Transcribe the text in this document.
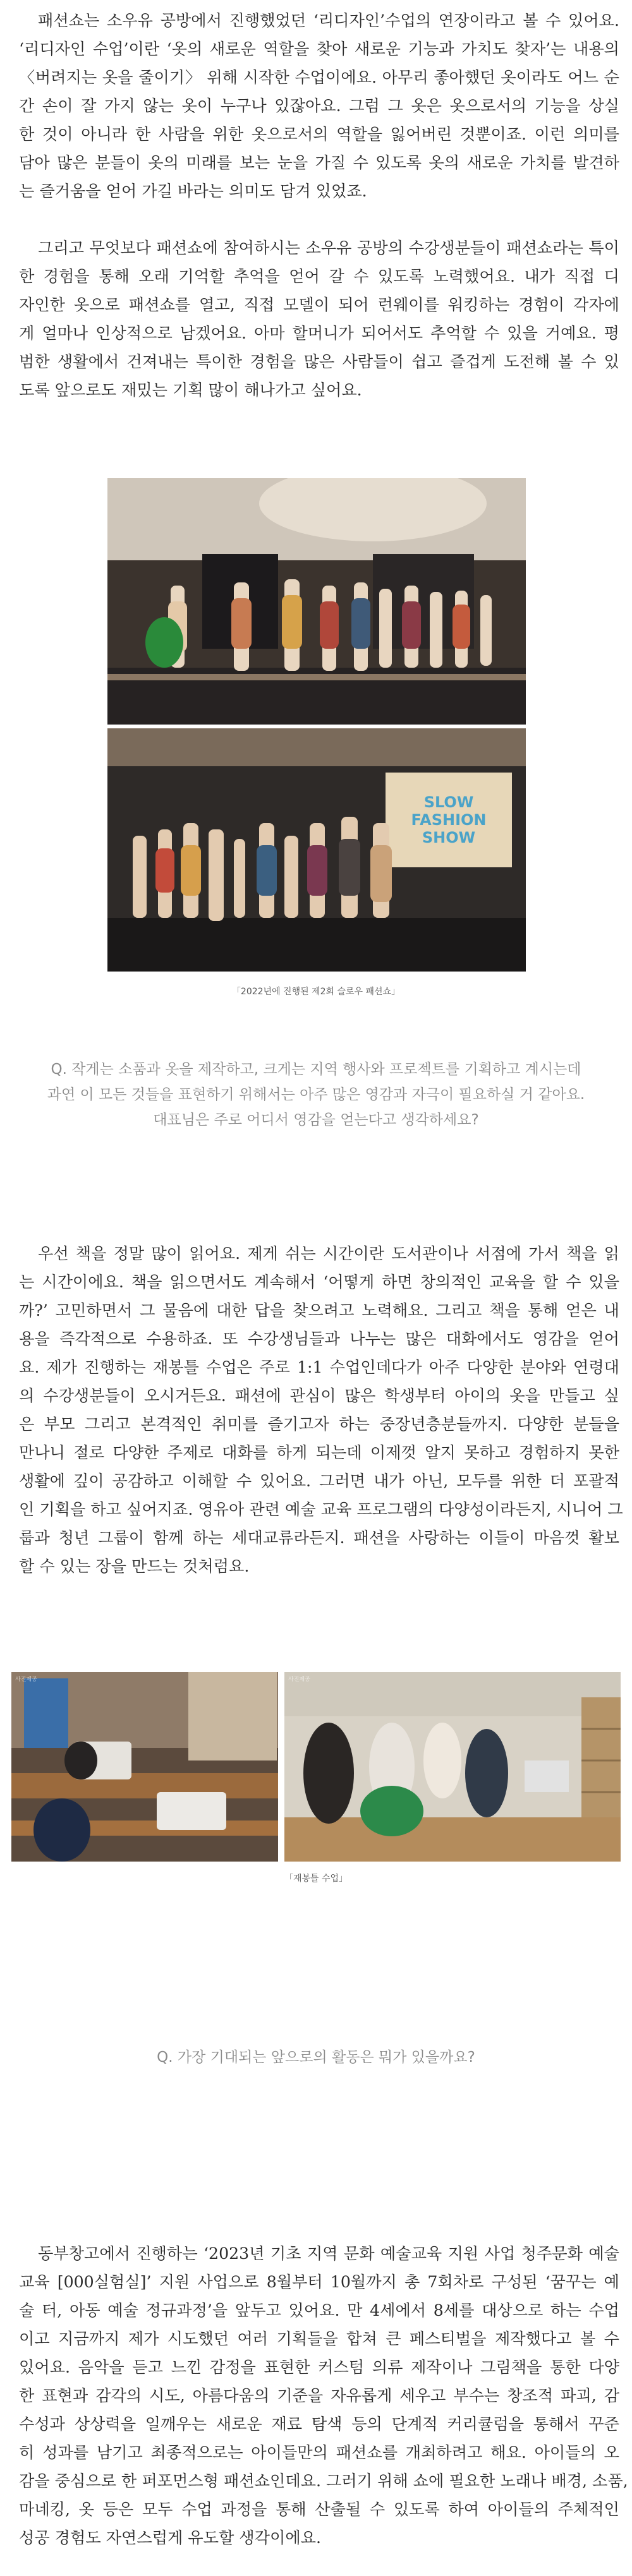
패션쇼는 소우유 공방에서 진행했었던 ‘리디자인’수업의 연장이라고 볼 수 있어요.
‘리디자인 수업’이란 ‘옷의 새로운 역할을 찾아 새로운 기능과 가치도 찾자’는 내용의
〈버려지는 옷을 줄이기〉 위해 시작한 수업이에요. 아무리 좋아했던 옷이라도 어느 순
간 손이 잘 가지 않는 옷이 누구나 있잖아요. 그럼 그 옷은 옷으로서의 기능을 상실
한 것이 아니라 한 사람을 위한 옷으로서의 역할을 잃어버린 것뿐이죠. 이런 의미를
담아 많은 분들이 옷의 미래를 보는 눈을 가질 수 있도록 옷의 새로운 가치를 발견하
는 즐거움을 얻어 가길 바라는 의미도 담겨 있었죠.
그리고 무엇보다 패션쇼에 참여하시는 소우유 공방의 수강생분들이 패션쇼라는 특이
한 경험을 통해 오래 기억할 추억을 얻어 갈 수 있도록 노력했어요. 내가 직접 디
자인한 옷으로 패션쇼를 열고, 직접 모델이 되어 런웨이를 워킹하는 경험이 각자에
게 얼마나 인상적으로 남겠어요. 아마 할머니가 되어서도 추억할 수 있을 거예요. 평
범한 생활에서 건져내는 특이한 경험을 많은 사람들이 쉽고 즐겁게 도전해 볼 수 있
도록 앞으로도 재밌는 기획 많이 해나가고 싶어요.
SLOW
FASHION
SHOW

「2022년에 진행된 제2회 슬로우 패션쇼」

Q. 작게는 소품과 옷을 제작하고, 크게는 지역 행사와 프로젝트를 기획하고 계시는데
과연 이 모든 것들을 표현하기 위해서는 아주 많은 영감과 자극이 필요하실 거 같아요.
대표님은 주로 어디서 영감을 얻는다고 생각하세요?
우선 책을 정말 많이 읽어요. 제게 쉬는 시간이란 도서관이나 서점에 가서 책을 읽
는 시간이에요. 책을 읽으면서도 계속해서 ‘어떻게 하면 창의적인 교육을 할 수 있을
까?’ 고민하면서 그 물음에 대한 답을 찾으려고 노력해요. 그리고 책을 통해 얻은 내
용을 즉각적으로 수용하죠. 또 수강생님들과 나누는 많은 대화에서도 영감을 얻어
요. 제가 진행하는 재봉틀 수업은 주로 1:1 수업인데다가 아주 다양한 분야와 연령대
의 수강생분들이 오시거든요. 패션에 관심이 많은 학생부터 아이의 옷을 만들고 싶
은 부모 그리고 본격적인 취미를 즐기고자 하는 중장년층분들까지. 다양한 분들을
만나니 절로 다양한 주제로 대화를 하게 되는데 이제껏 알지 못하고 경험하지 못한
생활에 깊이 공감하고 이해할 수 있어요. 그러면 내가 아닌, 모두를 위한 더 포괄적
인 기획을 하고 싶어지죠. 영유아 관련 예술 교육 프로그램의 다양성이라든지, 시니어 그
룹과 청년 그룹이 함께 하는 세대교류라든지. 패션을 사랑하는 이들이 마음껏 활보
할 수 있는 장을 만드는 것처럼요.
사진제공	사진제공

「재봉틀 수업」

Q. 가장 기대되는 앞으로의 활동은 뭐가 있을까요?
동부창고에서 진행하는 ‘2023년 기초 지역 문화 예술교육 지원 사업 청주문화 예술
교육 [000실험실]’ 지원 사업으로 8월부터 10월까지 총 7회차로 구성된 ‘꿈꾸는 예
술 터, 아동 예술 정규과정’을 앞두고 있어요. 만 4세에서 8세를 대상으로 하는 수업
이고 지금까지 제가 시도했던 여러 기획들을 합쳐 큰 페스티벌을 제작했다고 볼 수
있어요. 음악을 듣고 느낀 감정을 표현한 커스텀 의류 제작이나 그림책을 통한 다양
한 표현과 감각의 시도, 아름다움의 기준을 자유롭게 세우고 부수는 창조적 파괴, 감
수성과 상상력을 일깨우는 새로운 재료 탐색 등의 단계적 커리큘럼을 통해서 꾸준
히 성과를 남기고 최종적으로는 아이들만의 패션쇼를 개최하려고 해요. 아이들의 오
감을 중심으로 한 퍼포먼스형 패션쇼인데요. 그러기 위해 쇼에 필요한 노래나 배경, 소품,
마네킹, 옷 등은 모두 수업 과정을 통해 산출될 수 있도록 하여 아이들의 주체적인
성공 경험도 자연스럽게 유도할 생각이에요.
